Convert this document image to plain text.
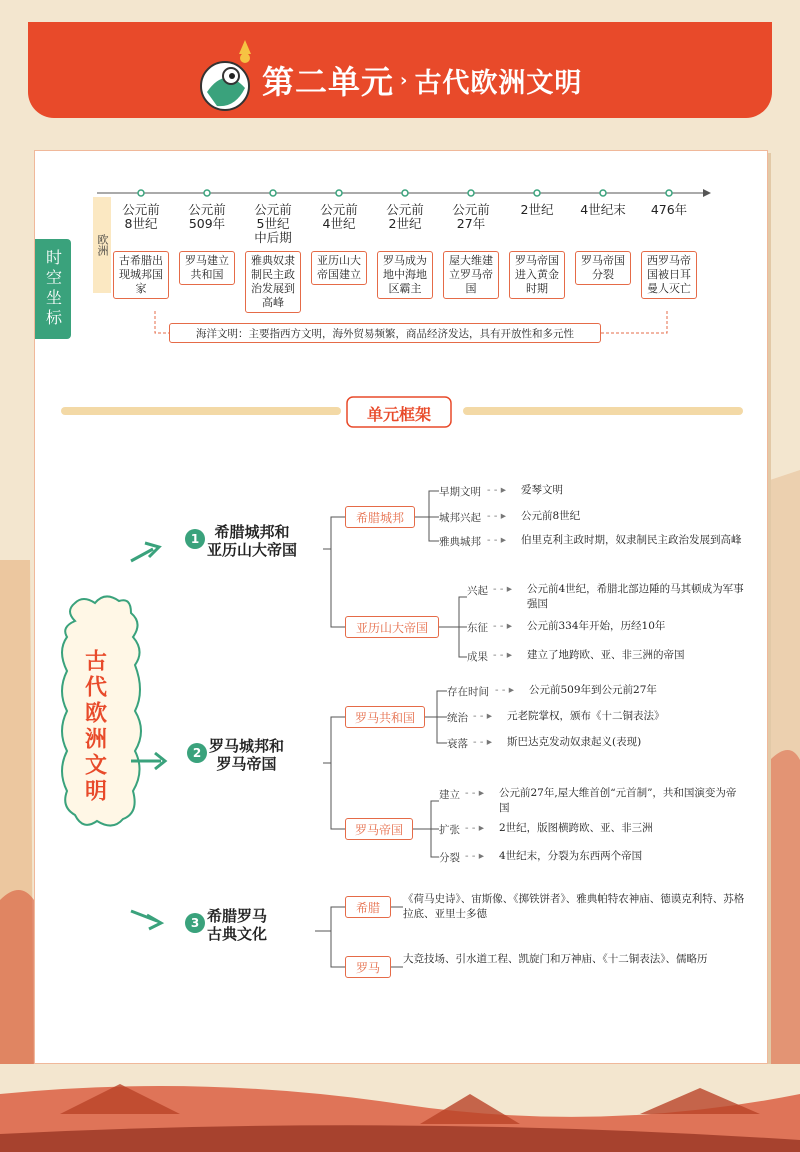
第二单元 › 古代欧洲文明
时空坐标
欧洲
公元前
8世纪
古希腊出现城邦国家
公元前
509年
罗马建立共和国
公元前
5世纪
中后期
雅典奴隶制民主政治发展到高峰
公元前
4世纪
亚历山大帝国建立
公元前
2世纪
罗马成为地中海地区霸主
公元前
27年
屋大维建立罗马帝国
2世纪
罗马帝国进入黄金时期
4世纪末
罗马帝国分裂
476年
西罗马帝国被日耳曼人灭亡
海洋文明：主要指西方文明，海外贸易频繁，商品经济发达，具有开放性和多元性
单元框架
古代欧洲文明
1	希腊城邦和
亚历山大帝国
希腊城邦
早期文明 - - ▸ 爱琴文明
城邦兴起 - - ▸ 公元前8世纪
雅典城邦 - - ▸ 伯里克利主政时期，奴隶制民主政治发展到高峰
亚历山大帝国
兴起 - - ▸ 公元前4世纪，希腊北部边陲的马其顿成为军事强国
东征 - - ▸ 公元前334年开始，历经10年
成果 - - ▸ 建立了地跨欧、亚、非三洲的帝国
2 罗马城邦和
罗马帝国
罗马共和国
存在时间 - - ▸ 公元前509年到公元前27年
统治 - - ▸ 元老院掌权，颁布《十二铜表法》
衰落 - - ▸ 斯巴达克发动奴隶起义(表现)
罗马帝国
建立 - - ▸ 公元前27年,屋大维首创“元首制”，共和国演变为帝国
扩张 - - ▸ 2世纪，版图横跨欧、亚、非三洲
分裂 - - ▸ 4世纪末，分裂为东西两个帝国
3 希腊罗马
古典文化
希腊
《荷马史诗》、宙斯像、《掷铁饼者》、雅典帕特农神庙、德谟克利特、苏格拉底、亚里士多德
罗马
大竞技场、引水道工程、凯旋门和万神庙、《十二铜表法》、儒略历
